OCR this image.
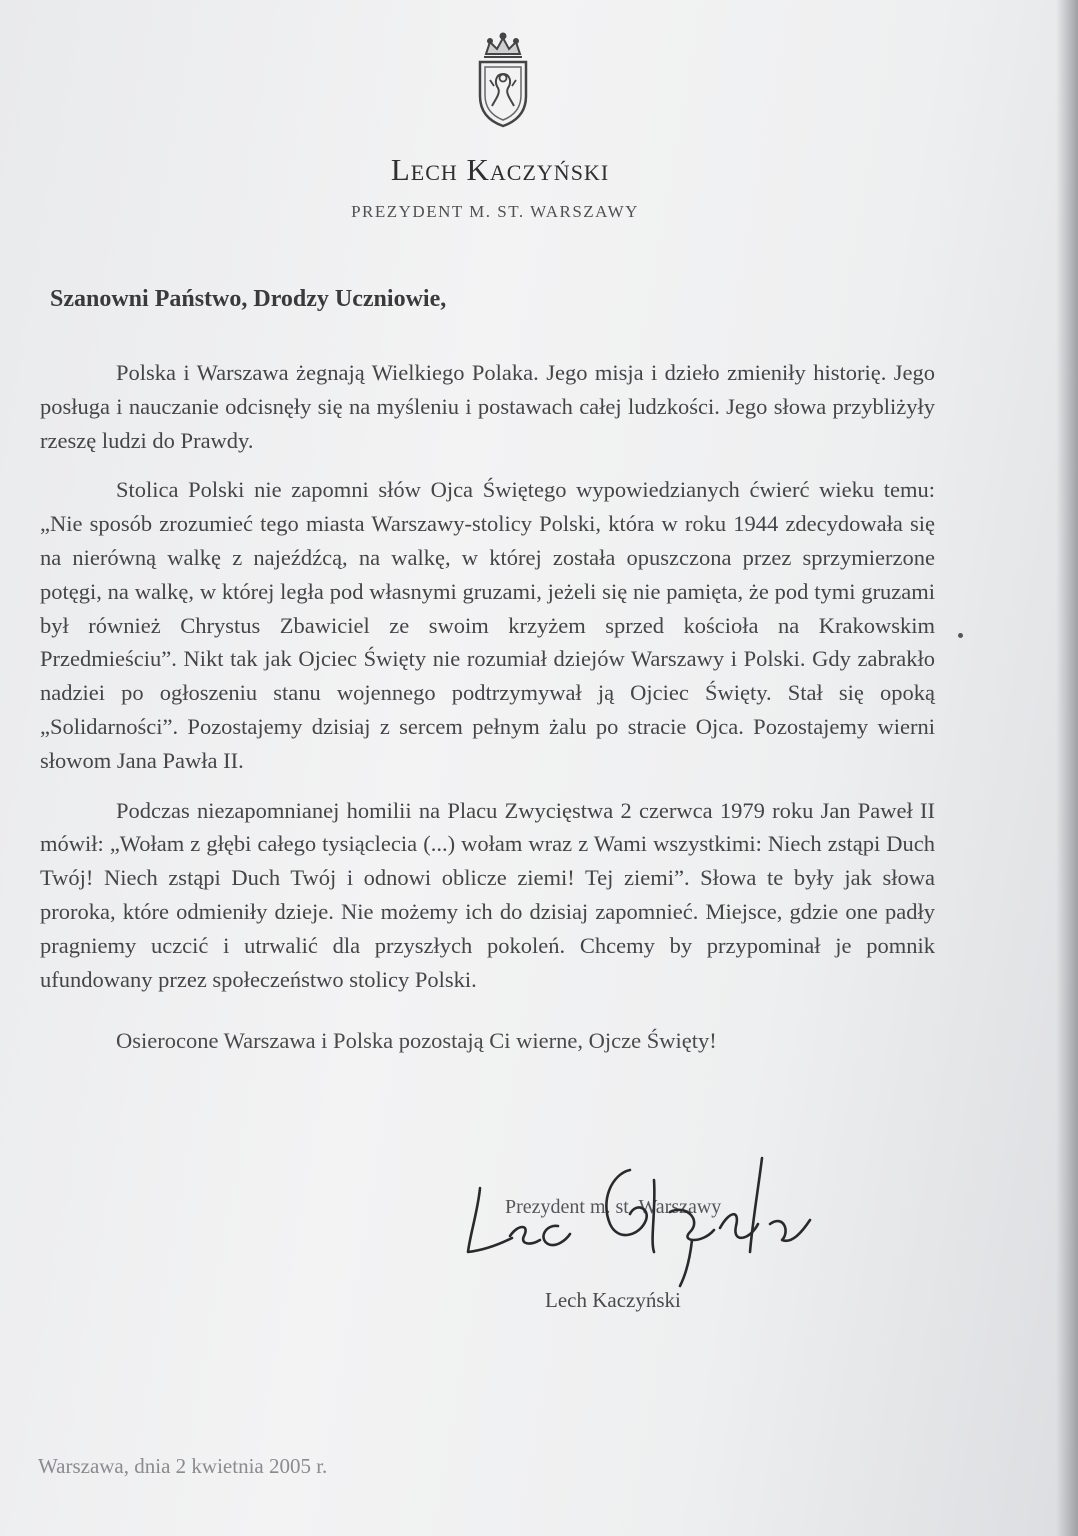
Lech Kaczyński
PREZYDENT M. ST. WARSZAWY
Szanowni Państwo, Drodzy Uczniowie,

Polska i Warszawa żegnają Wielkiego Polaka. Jego misja i dzieło zmieniły historię. Jego posługa i nauczanie odcisnęły się na myśleniu i postawach całej ludzkości. Jego słowa przybliżyły rzeszę ludzi do Prawdy.

Stolica Polski nie zapomni słów Ojca Świętego wypowiedzianych ćwierć wieku temu: „Nie sposób zrozumieć tego miasta Warszawy-stolicy Polski, która w roku 1944 zdecydowała się na nierówną walkę z najeźdźcą, na walkę, w której została opuszczona przez sprzymierzone potęgi, na walkę, w której legła pod własnymi gruzami, jeżeli się nie pamięta, że pod tymi gruzami był również Chrystus Zbawiciel ze swoim krzyżem sprzed kościoła na Krakowskim Przedmieściu”. Nikt tak jak Ojciec Święty nie rozumiał dziejów Warszawy i Polski. Gdy zabrakło nadziei po ogłoszeniu stanu wojennego podtrzymywał ją Ojciec Święty. Stał się opoką „Solidarności”. Pozostajemy dzisiaj z sercem pełnym żalu po stracie Ojca. Pozostajemy wierni słowom Jana Pawła II.

Podczas niezapomnianej homilii na Placu Zwycięstwa 2 czerwca 1979 roku Jan Paweł II mówił: „Wołam z głębi całego tysiąclecia (...) wołam wraz z Wami wszystkimi: Niech zstąpi Duch Twój! Niech zstąpi Duch Twój i odnowi oblicze ziemi! Tej ziemi”. Słowa te były jak słowa proroka, które odmieniły dzieje. Nie możemy ich do dzisiaj zapomnieć. Miejsce, gdzie one padły pragniemy uczcić i utrwalić dla przyszłych pokoleń. Chcemy by przypominał je pomnik ufundowany przez społeczeństwo stolicy Polski.

Osierocone Warszawa i Polska pozostają Ci wierne, Ojcze Święty!
Prezydent m. st. Warszawy
Lech Kaczyński
Warszawa, dnia 2 kwietnia 2005 r.
